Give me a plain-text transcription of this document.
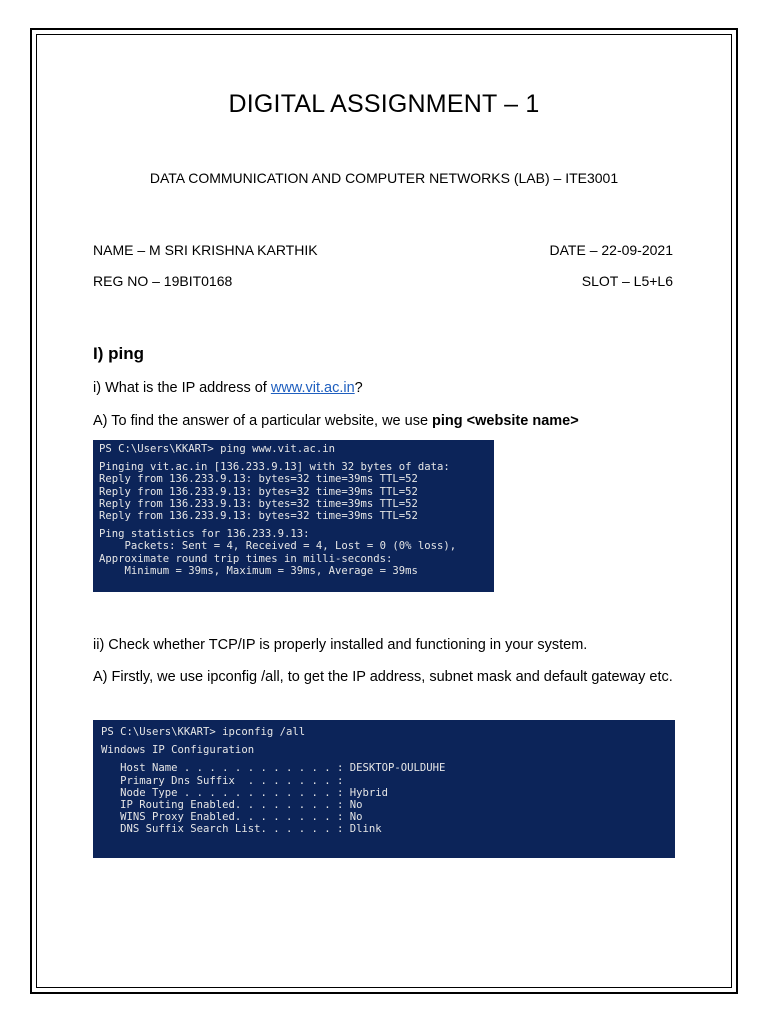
DIGITAL ASSIGNMENT – 1
DATA COMMUNICATION AND COMPUTER NETWORKS (LAB) – ITE3001
NAME – M SRI KRISHNA KARTHIK	DATE – 22-09-2021
REG NO – 19BIT0168	SLOT – L5+L6
I) ping
i) What is the IP address of www.vit.ac.in?
A) To find the answer of a particular website, we use ping <website name>
PS C:\Users\KKART> ping www.vit.ac.in
Pinging vit.ac.in [136.233.9.13] with 32 bytes of data:
Reply from 136.233.9.13: bytes=32 time=39ms TTL=52
Reply from 136.233.9.13: bytes=32 time=39ms TTL=52
Reply from 136.233.9.13: bytes=32 time=39ms TTL=52
Reply from 136.233.9.13: bytes=32 time=39ms TTL=52
Ping statistics for 136.233.9.13:
Packets: Sent = 4, Received = 4, Lost = 0 (0% loss),
Approximate round trip times in milli-seconds:
Minimum = 39ms, Maximum = 39ms, Average = 39ms
ii) Check whether TCP/IP is properly installed and functioning in your system.
A) Firstly, we use ipconfig /all, to get the IP address, subnet mask and default gateway etc.
PS C:\Users\KKART> ipconfig /all
Windows IP Configuration
Host Name . . . . . . . . . . . . : DESKTOP-OULDUHE
Primary Dns Suffix  . . . . . . . :
Node Type . . . . . . . . . . . . : Hybrid
IP Routing Enabled. . . . . . . . : No
WINS Proxy Enabled. . . . . . . . : No
DNS Suffix Search List. . . . . . : Dlink
